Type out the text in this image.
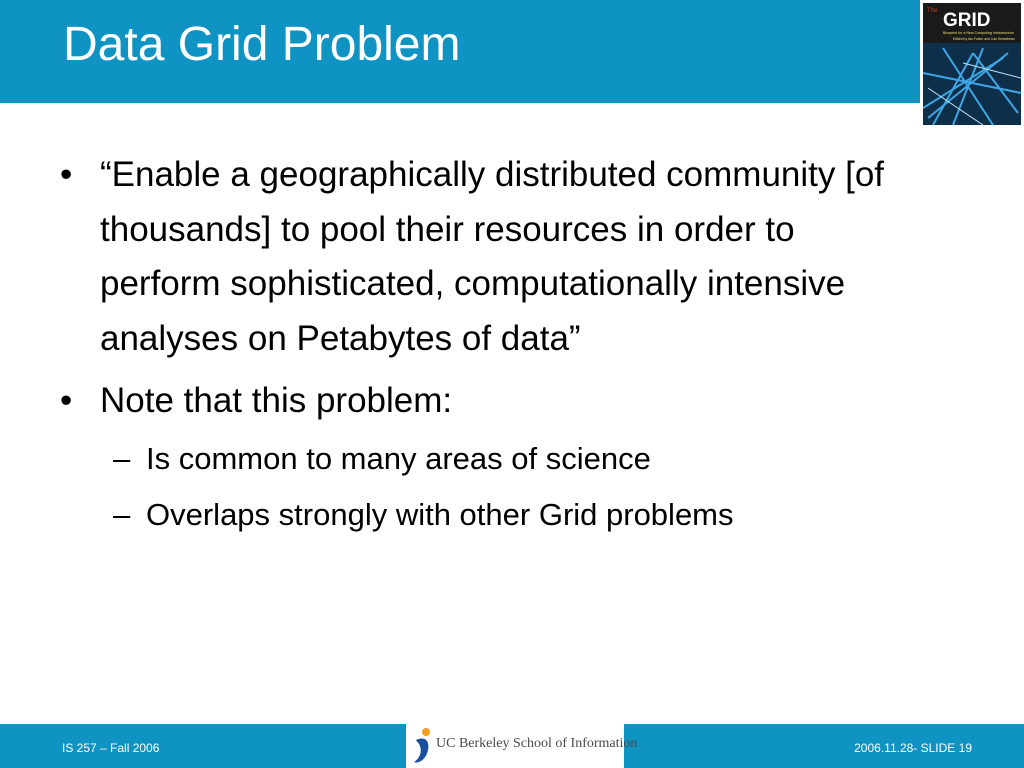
Data Grid Problem
The GRID
Blueprint for a New Computing Infrastructure
Edited by Ian Foster and Carl Kesselman
• “Enable a geographically distributed community [of thousands] to pool their resources in order to perform sophisticated, computationally intensive analyses on Petabytes of data”
• Note that this problem:
– Is common to many areas of science
– Overlaps strongly with other Grid problems
IS 257 – Fall 2006	UC Berkeley School of Information	2006.11.28- SLIDE 19
